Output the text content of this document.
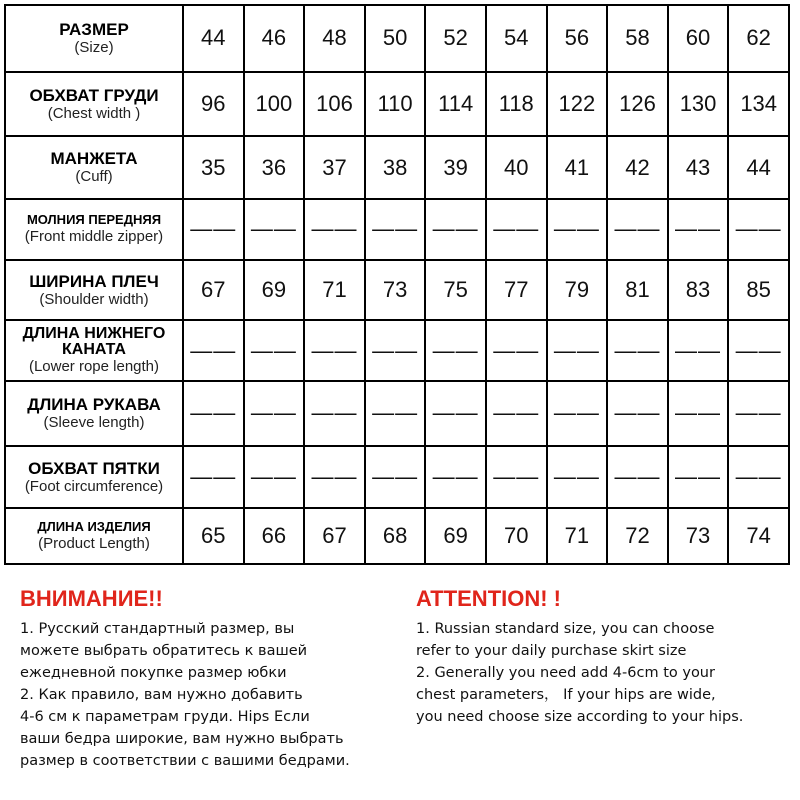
РАЗМЕР
(Size)	44	46	48	50	52	54	56	58	60	62

ОБХВАТ ГРУДИ
(Chest width )	96	100	106	110	114	118	122	126	130	134

МАНЖЕТА
(Cuff)	35	36	37	38	39	40	41	42	43	44

МОЛНИЯ ПЕРЕДНЯЯ
(Front middle zipper)	——	——	——	——	——	——	——	——	——	——

ШИРИНА ПЛЕЧ
(Shoulder width)	67	69	71	73	75	77	79	81	83	85

ДЛИНА НИЖНЕГО КАНАТА
(Lower rope length)	——	——	——	——	——	——	——	——	——	——

ДЛИНА РУКАВА
(Sleeve length)	——	——	——	——	——	——	——	——	——	——

ОБХВАТ ПЯТКИ
(Foot circumference)	——	——	——	——	——	——	——	——	——	——

ДЛИНА ИЗДЕЛИЯ
(Product Length)	65	66	67	68	69	70	71	72	73	74
ВНИМАНИЕ!!
1. Русский стандартный размер, вы
можете выбрать обратитесь к вашей
ежедневной покупке размер юбки
2. Как правило, вам нужно добавить
4-6 см к параметрам груди. Hips Если
ваши бедра широкие, вам нужно выбрать
размер в соответствии с вашими бедрами.
ATTENTION! !
1. Russian standard size, you can choose
refer to your daily purchase skirt size
2. Generally you need add 4-6cm to your
chest parameters， If your hips are wide,
you need choose size according to your hips.
